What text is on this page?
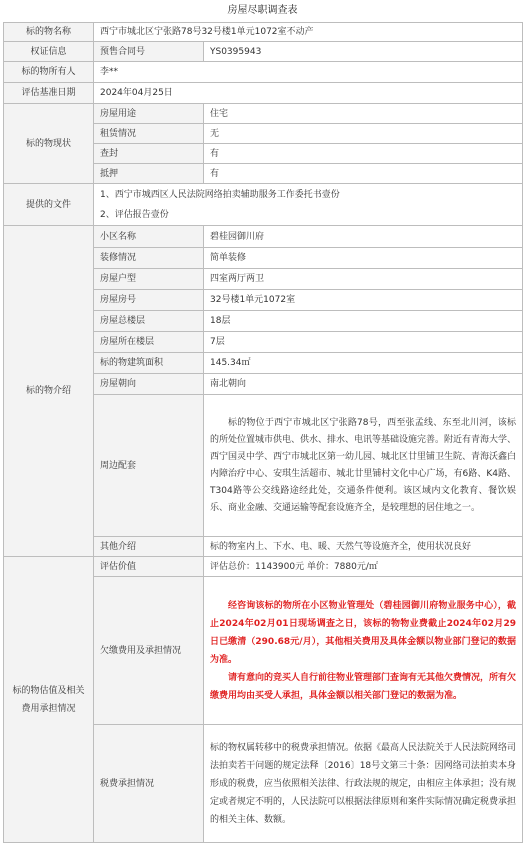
房屋尽职调查表
标的物名称	西宁市城北区宁张路78号32号楼1单元1072室不动产	
权证信息	预售合同号	YS0395943
标的物所有人	李**	
评估基准日期	2024年04月25日	
标的物现状	房屋用途	住宅
	租赁情况	无
	查封	有
	抵押	有
提供的文件	1、西宁市城西区人民法院网络拍卖辅助服务工作委托书壹份
2、评估报告壹份	

标的物介绍	小区名称	碧桂园御川府
	装修情况	简单装修
	房屋户型	四室两厅两卫
	房屋房号	32号楼1单元1072室
	房屋总楼层	18层
	房屋所在楼层	7层
	标的物建筑面积	145.34㎡
	房屋朝向	南北朝向
	周边配套	标的物位于西宁市城北区宁张路78号，西至张孟线、东至北川河，该标的所处位置城市供电、供水、排水、电讯等基础设施完善。附近有青海大学、西宁国灵中学、西宁市城北区第一幼儿园、城北区廿里铺卫生院、青海沃鑫白内障治疗中心、安琪生活超市、城北廿里铺村文化中心广场，有6路、K4路、T304路等公交线路途经此处，交通条件便利。该区域内文化教育、餐饮娱乐、商业金融、交通运输等配套设施齐全，是较理想的居住地之一。
	其他介绍	标的物室内上、下水、电、暖、天然气等设施齐全，使用状况良好
标的物估值及相关费用承担情况	评估价值	评估总价：1143900元 单价：7880元/㎡
	欠缴费用及承担情况	经咨询该标的物所在小区物业管理处（碧桂园御川府物业服务中心），截止2024年02月01日现场调查之日，该标的物物业费截止2024年02月29日已缴清（290.68元/月），其他相关费用及具体金额以物业部门登记的数据为准。
请有意向的竞买人自行前往物业管理部门查询有无其他欠费情况，所有欠缴费用均由买受人承担，具体金额以相关部门登记的数据为准。

	税费承担情况	标的物权属转移中的税费承担情况。依据《最高人民法院关于人民法院网络司法拍卖若干问题的规定法释〔2016〕18号文第三十条：因网络司法拍卖本身形成的税费，应当依照相关法律、行政法规的规定，由相应主体承担；没有规定或者规定不明的，人民法院可以根据法律原则和案件实际情况确定税费承担的相关主体、数额。
